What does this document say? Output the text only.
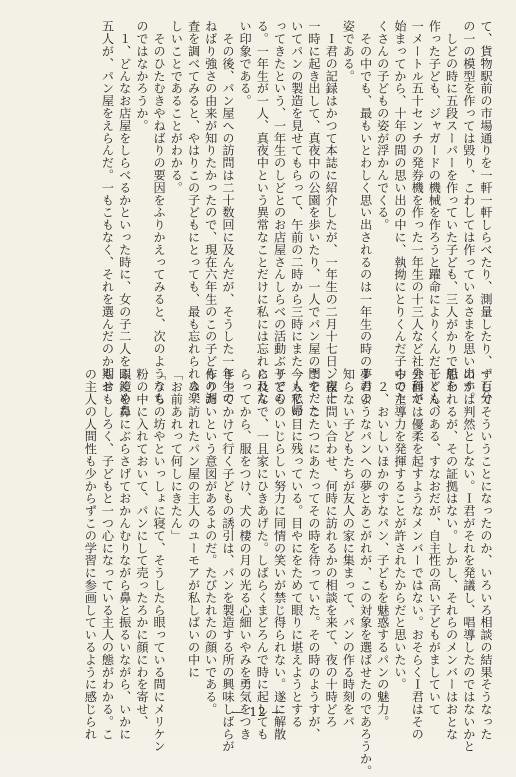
て、貨物駅前の市場通りを一軒一軒しらべたり、測量したり、一百分
の一の模型を作っては毀り、こわしては作っているさまを思い出す。
　しどの時に五段スーパーを作っていた子ども、三人がかりで船を
作った子ども、ジャガードの機械を作ろうと躍命によりくんだ子ども、
一メートル五十センチの発券機を作った一年生の十三人など社会科が
始まってから、十年の間の思い出の中に、執拗にとりくんだ子らのた
くさんの子どもの姿が浮かんでくる。
　その中でも、最もいとわしく思い出されるのは一年生の時のＩ君の
姿である。
　Ｉ君の記録はかつて本誌に紹介したが、一年生の二月十七日、夜十
一時に起き出して、真夜中の公園を歩いたり、一人でパン屋の門をたた
いてパンの製造を見せてもらって、午前の二時から三時にまた一人で帰
ってきたという、一年生のしどとのお店屋さんしらべの活動ぶりでの
る。一年生が一人、真夜中という異常なことだけに私には忘れられな
い印象である。
　その後、パン屋への訪問は二十数回に及んだが、そうした一年生の
ねばり強さの由来が知りたかったので、現在六年生のこの子どもの調
査を調べてみると、やはりこの子どもにとっても、最も忘れられぬ楽
しいことであることがわかる。
　そのひたむきやねばりの要因をふりかえってみると、次のようなも
のではなかろうか。
　１、どんなお店屋をしらべるかといった時に、女の子二人をふくめた
五人が、パン屋をえらんだ。一もこもなく、それを選んだのか期せ
ずしてそういうことになったのか、いろいろ相談の結果そうなった
のかは判然としない。Ｉ君がそれを発議し、唱導したのではないかと
思われるが、その証拠はない。しかし、それらのメンバーはおとな
しくんのある、すなおだが、自主性の高い子どもがましていて
外面では優柔を起すようなメンバーではない。おそらくＩ君はその
中で主導力を発揮することが許されたからだと思いたい。
　２、おいしいほかのすなパン、子どもを魅惑するパンの魅力。
夢のようなパンへの夢とあこがれが、この対象を選ばせたのであろうか。
知らない子どもたちが友人の家に集まって、パンの作る時刻をパ
ン屋に問い合わせ、何時に訪れるかの相談を来て、夜の十時どろ
まで、こたつにあたってその時を待っていた。その時のようすが、
今も私の目に残っている。目やにをためて眼りに堪えようとする
子どものいじらしい努力に同情の笑いが禁じ得られない。遂に解散
に及んで、一且家にひきあげた。しばらくまどろんで時に起しても
らってから、服をつけ、犬の棲の月の光る心細いやみを勇気をつき
きってかけて行く子どもの誘引は、パンを製造する所の興味しばらが
作りたいという意図があるよのだ。たびたれたの顔いである。
　３、訪れたパン屋の主人のユーモアが私しばいの中に
「お前あれって何しにきたん」
「うちの坊やといっしょに寝て、そうしたら眼っている間にメリケン
粉の中に入れておいて、パンにして売ったろかに顔にわを寄せ、
眼鏡を鼻にぶらさげておかんむりながら鼻と振るいながら、いかに
もおもしろく、子どもと一つ心になっている主人の態がわかる。こ
の主人の人間性も少からずこの学習に参画しているように感じられ	— 12 —
